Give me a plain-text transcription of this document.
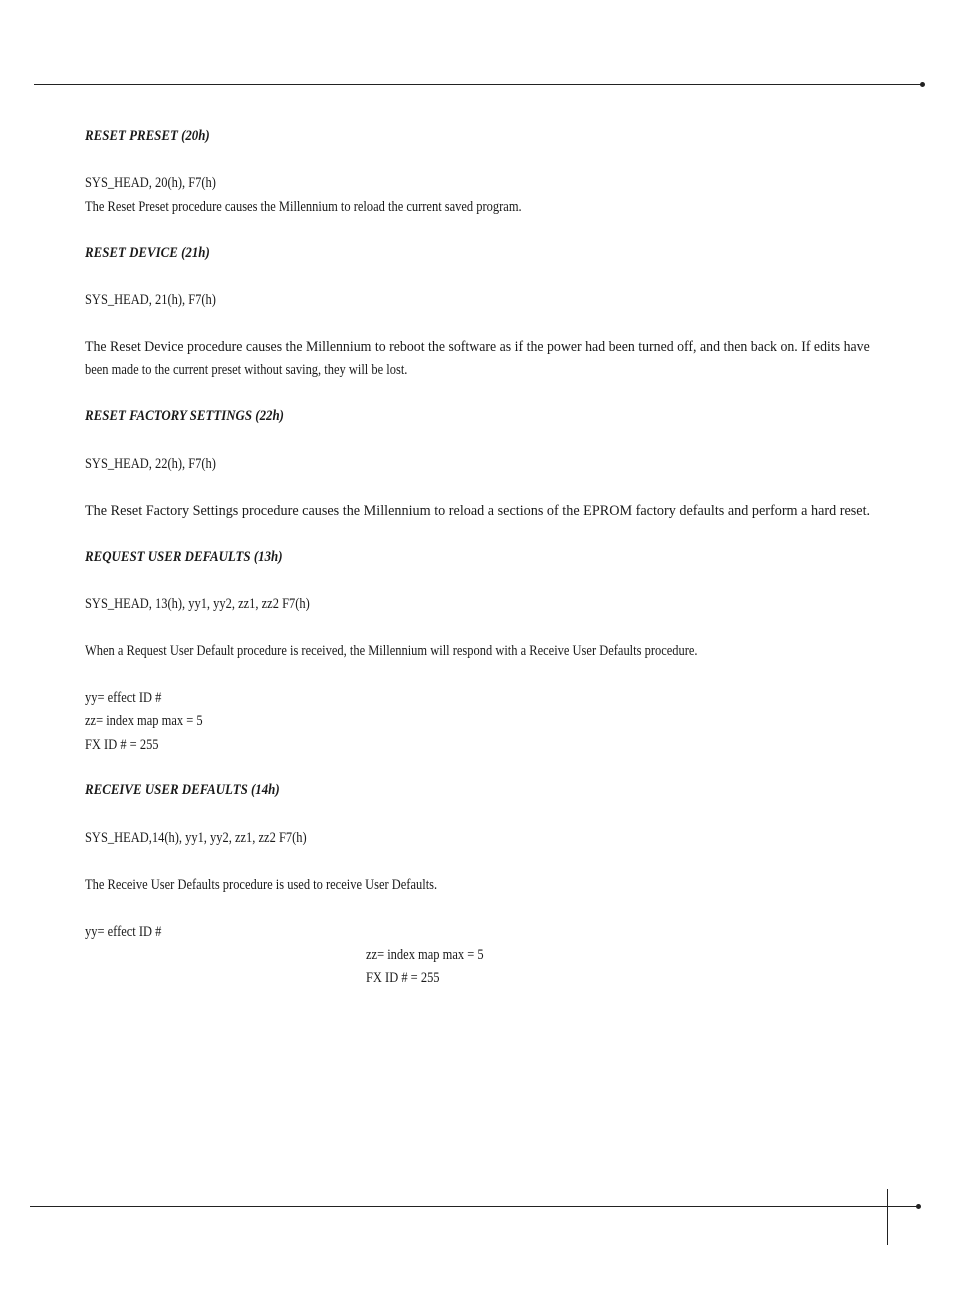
RESET PRESET (20h)
SYS_HEAD, 20(h), F7(h)
The Reset Preset procedure causes the Millennium to reload the current saved program.
RESET DEVICE (21h)
SYS_HEAD, 21(h), F7(h)
The Reset Device procedure causes the Millennium to reboot the software as if the power had been turned off, and then back on. If edits have
been made to the current preset without saving, they will be lost.
RESET FACTORY SETTINGS (22h)
SYS_HEAD, 22(h), F7(h)
The Reset Factory Settings procedure causes the Millennium to reload a sections of the EPROM factory defaults and perform a hard reset.
REQUEST USER DEFAULTS (13h)
SYS_HEAD, 13(h), yy1, yy2, zz1, zz2 F7(h)
When a Request User Default procedure is received, the Millennium will respond with a Receive User Defaults procedure.
yy= effect ID #
zz= index map max = 5
FX ID # = 255
RECEIVE USER DEFAULTS (14h)
SYS_HEAD,14(h), yy1, yy2, zz1, zz2 F7(h)
The Receive User Defaults procedure is used to receive User Defaults.
yy= effect ID #
zz= index map max = 5
FX ID # = 255
